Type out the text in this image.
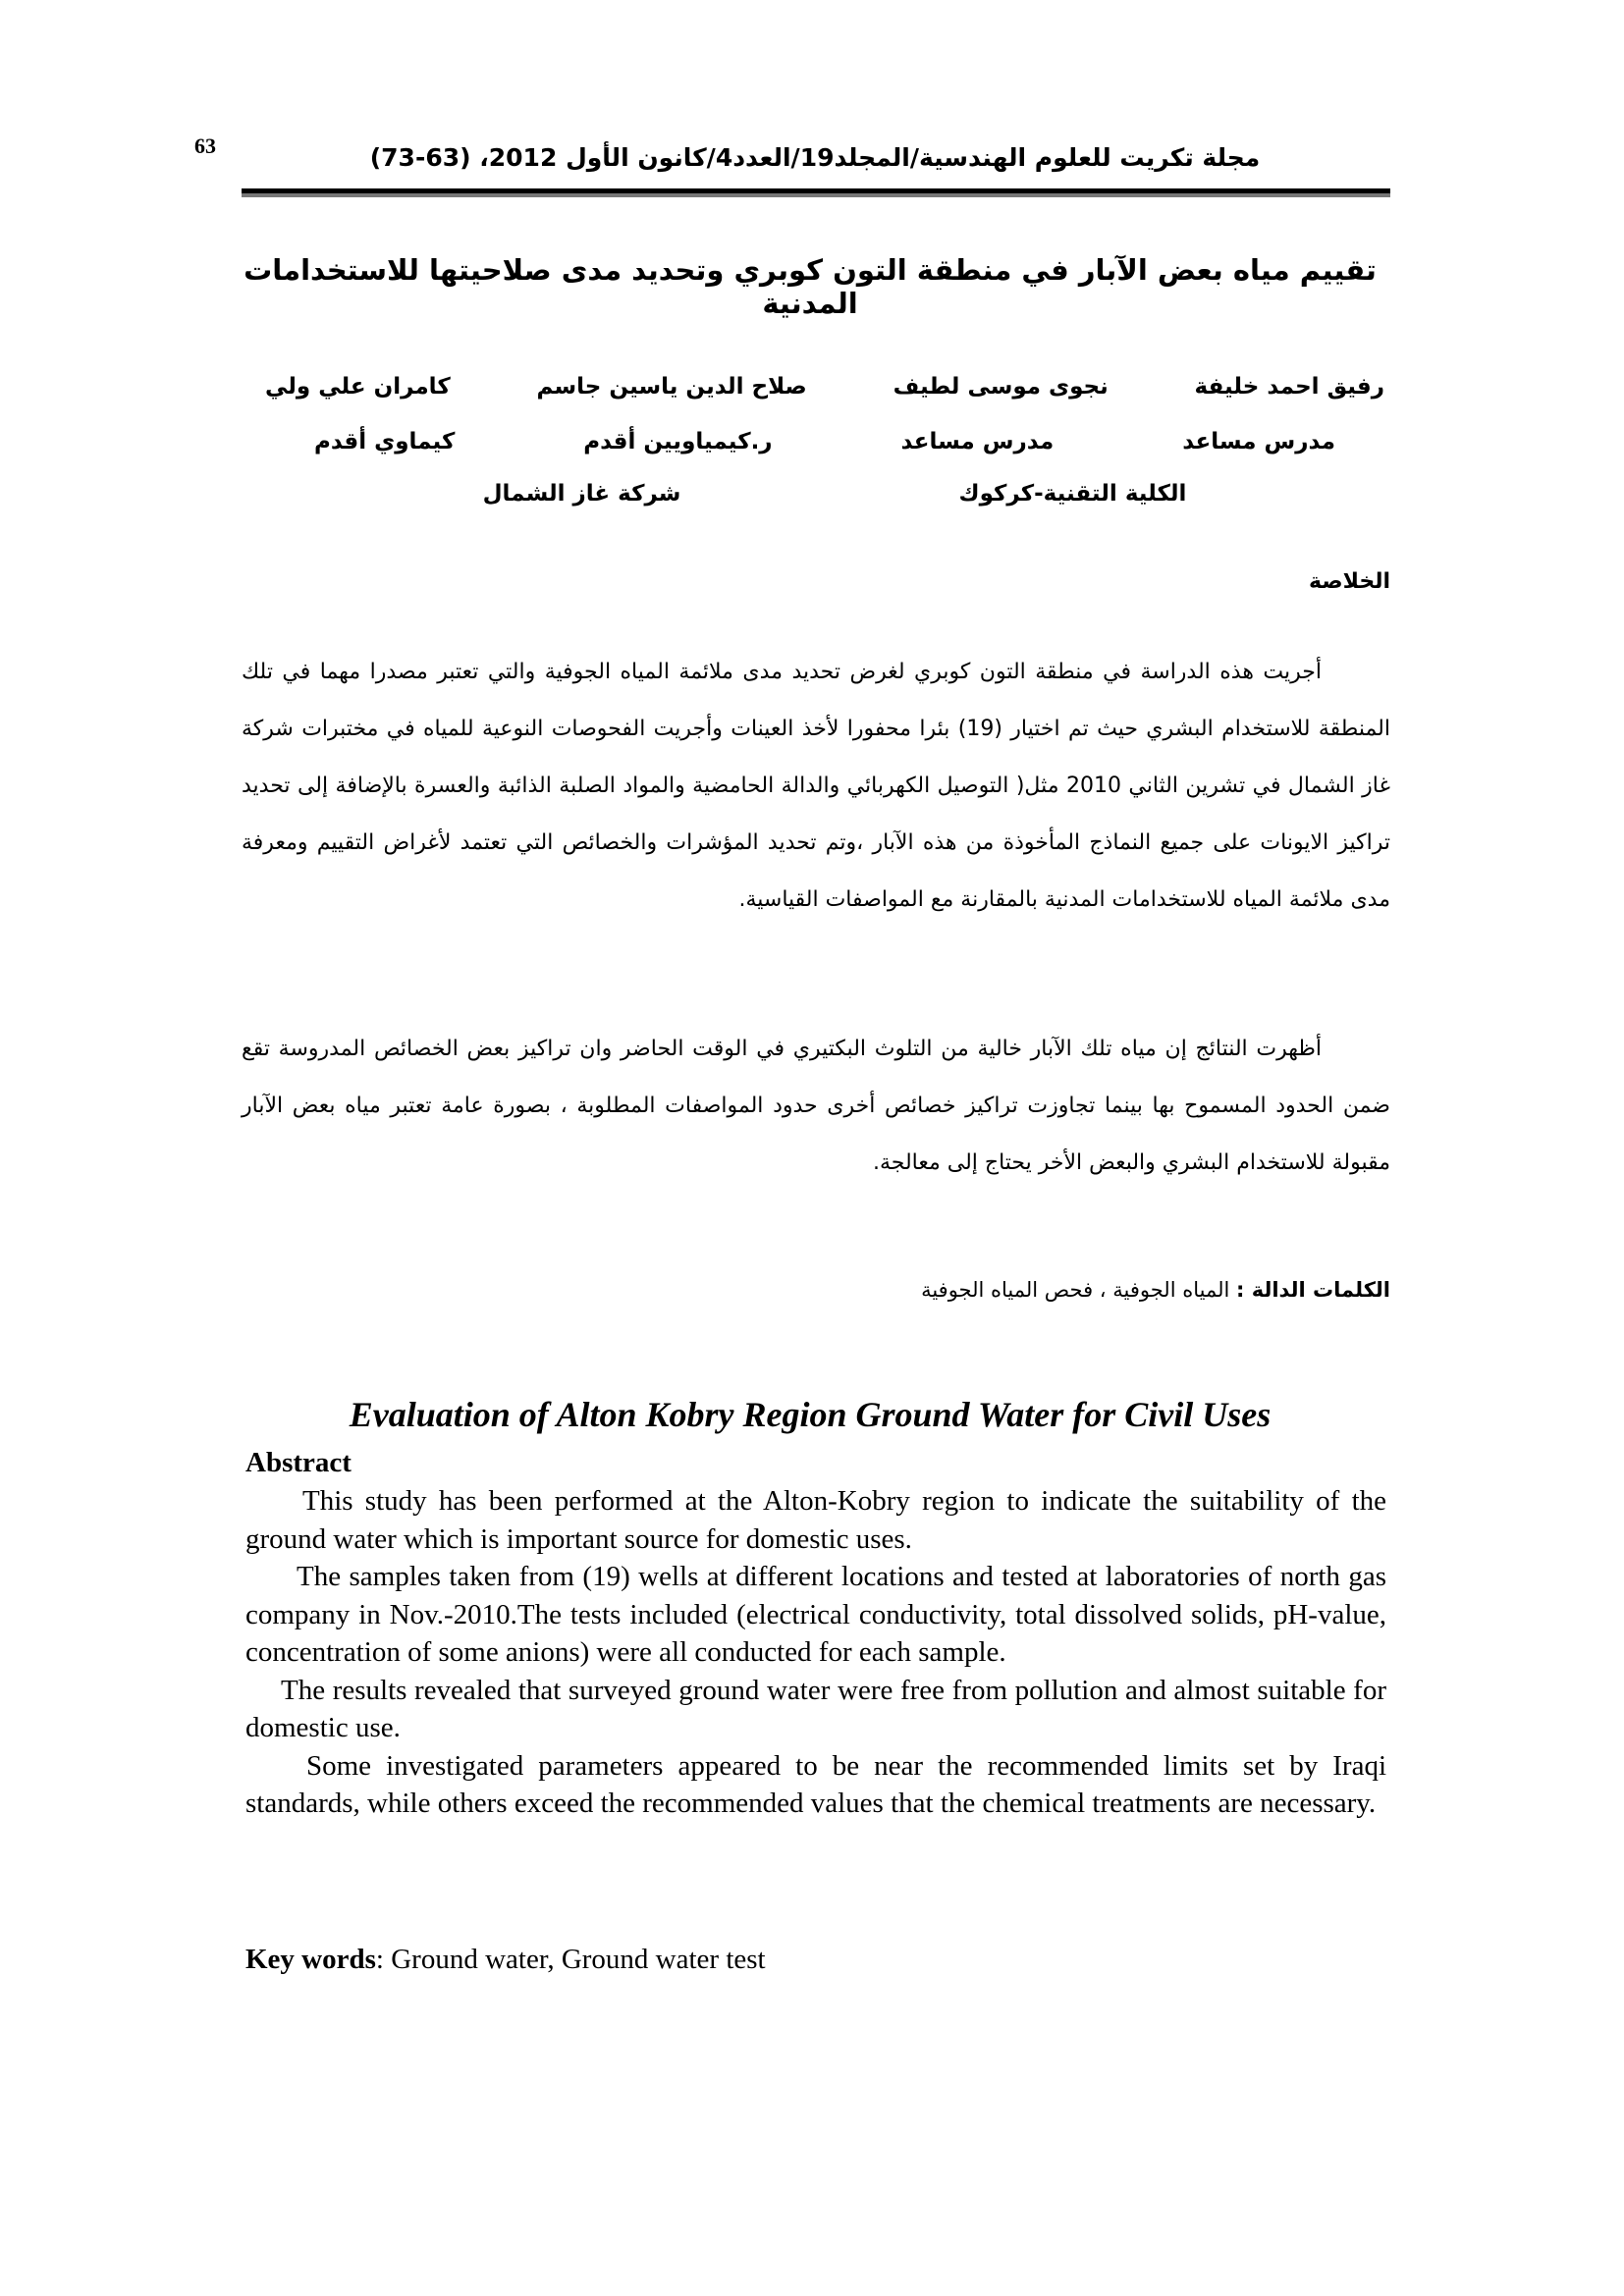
63	مجلة تكريت للعلوم الهندسية/المجلد19/العدد4/كانون الأول 2012، (63-73)
تقييم مياه بعض الآبار في منطقة التون كوبري وتحديد مدى صلاحيتها للاستخدامات المدنية
رفيق احمد خليفة
نجوى موسى لطيف
صلاح الدين ياسين جاسم
كامران علي ولي
مدرس مساعد
مدرس مساعد
ر.كيمياويين أقدم
كيماوي أقدم
الكلية التقنية-كركوك
شركة غاز الشمال
الخلاصة
أجريت هذه الدراسة في منطقة التون كوبري لغرض تحديد مدى ملائمة المياه الجوفية والتي تعتبر مصدرا مهما في تلك المنطقة للاستخدام البشري حيث تم اختيار (19) بئرا محفورا لأخذ العينات وأجريت الفحوصات النوعية للمياه في مختبرات شركة غاز الشمال في تشرين الثاني 2010 مثل( التوصيل الكهربائي والدالة الحامضية والمواد الصلبة الذائبة والعسرة بالإضافة إلى تحديد تراكيز الايونات على جميع النماذج المأخوذة من هذه الآبار ،وتم تحديد المؤشرات والخصائص التي تعتمد لأغراض التقييم ومعرفة مدى ملائمة المياه للاستخدامات المدنية بالمقارنة مع المواصفات القياسية.
أظهرت النتائج إن مياه تلك الآبار خالية من التلوث البكتيري في الوقت الحاضر وان تراكيز بعض الخصائص المدروسة تقع ضمن الحدود المسموح بها بينما تجاوزت تراكيز خصائص أخرى حدود المواصفات المطلوبة ، بصورة عامة تعتبر مياه بعض الآبار مقبولة للاستخدام البشري والبعض الأخر يحتاج إلى معالجة.
الكلمات الدالة : المياه الجوفية ، فحص المياه الجوفية
Evaluation of Alton Kobry Region Ground Water for Civil Uses
Abstract

This study has been performed at the Alton-Kobry region to indicate the suitability of the ground water which is important source for domestic uses.

The samples taken from (19) wells at different locations and tested at laboratories of north gas company in Nov.-2010.The tests included (electrical conductivity, total dissolved solids, pH-value, concentration of some anions) were all conducted for each sample.

The results revealed that surveyed ground water were free from pollution and almost suitable for domestic use.

Some investigated parameters appeared to be near the recommended limits set by Iraqi standards, while others exceed the recommended values that the chemical treatments are necessary.

Key words: Ground water, Ground water test
